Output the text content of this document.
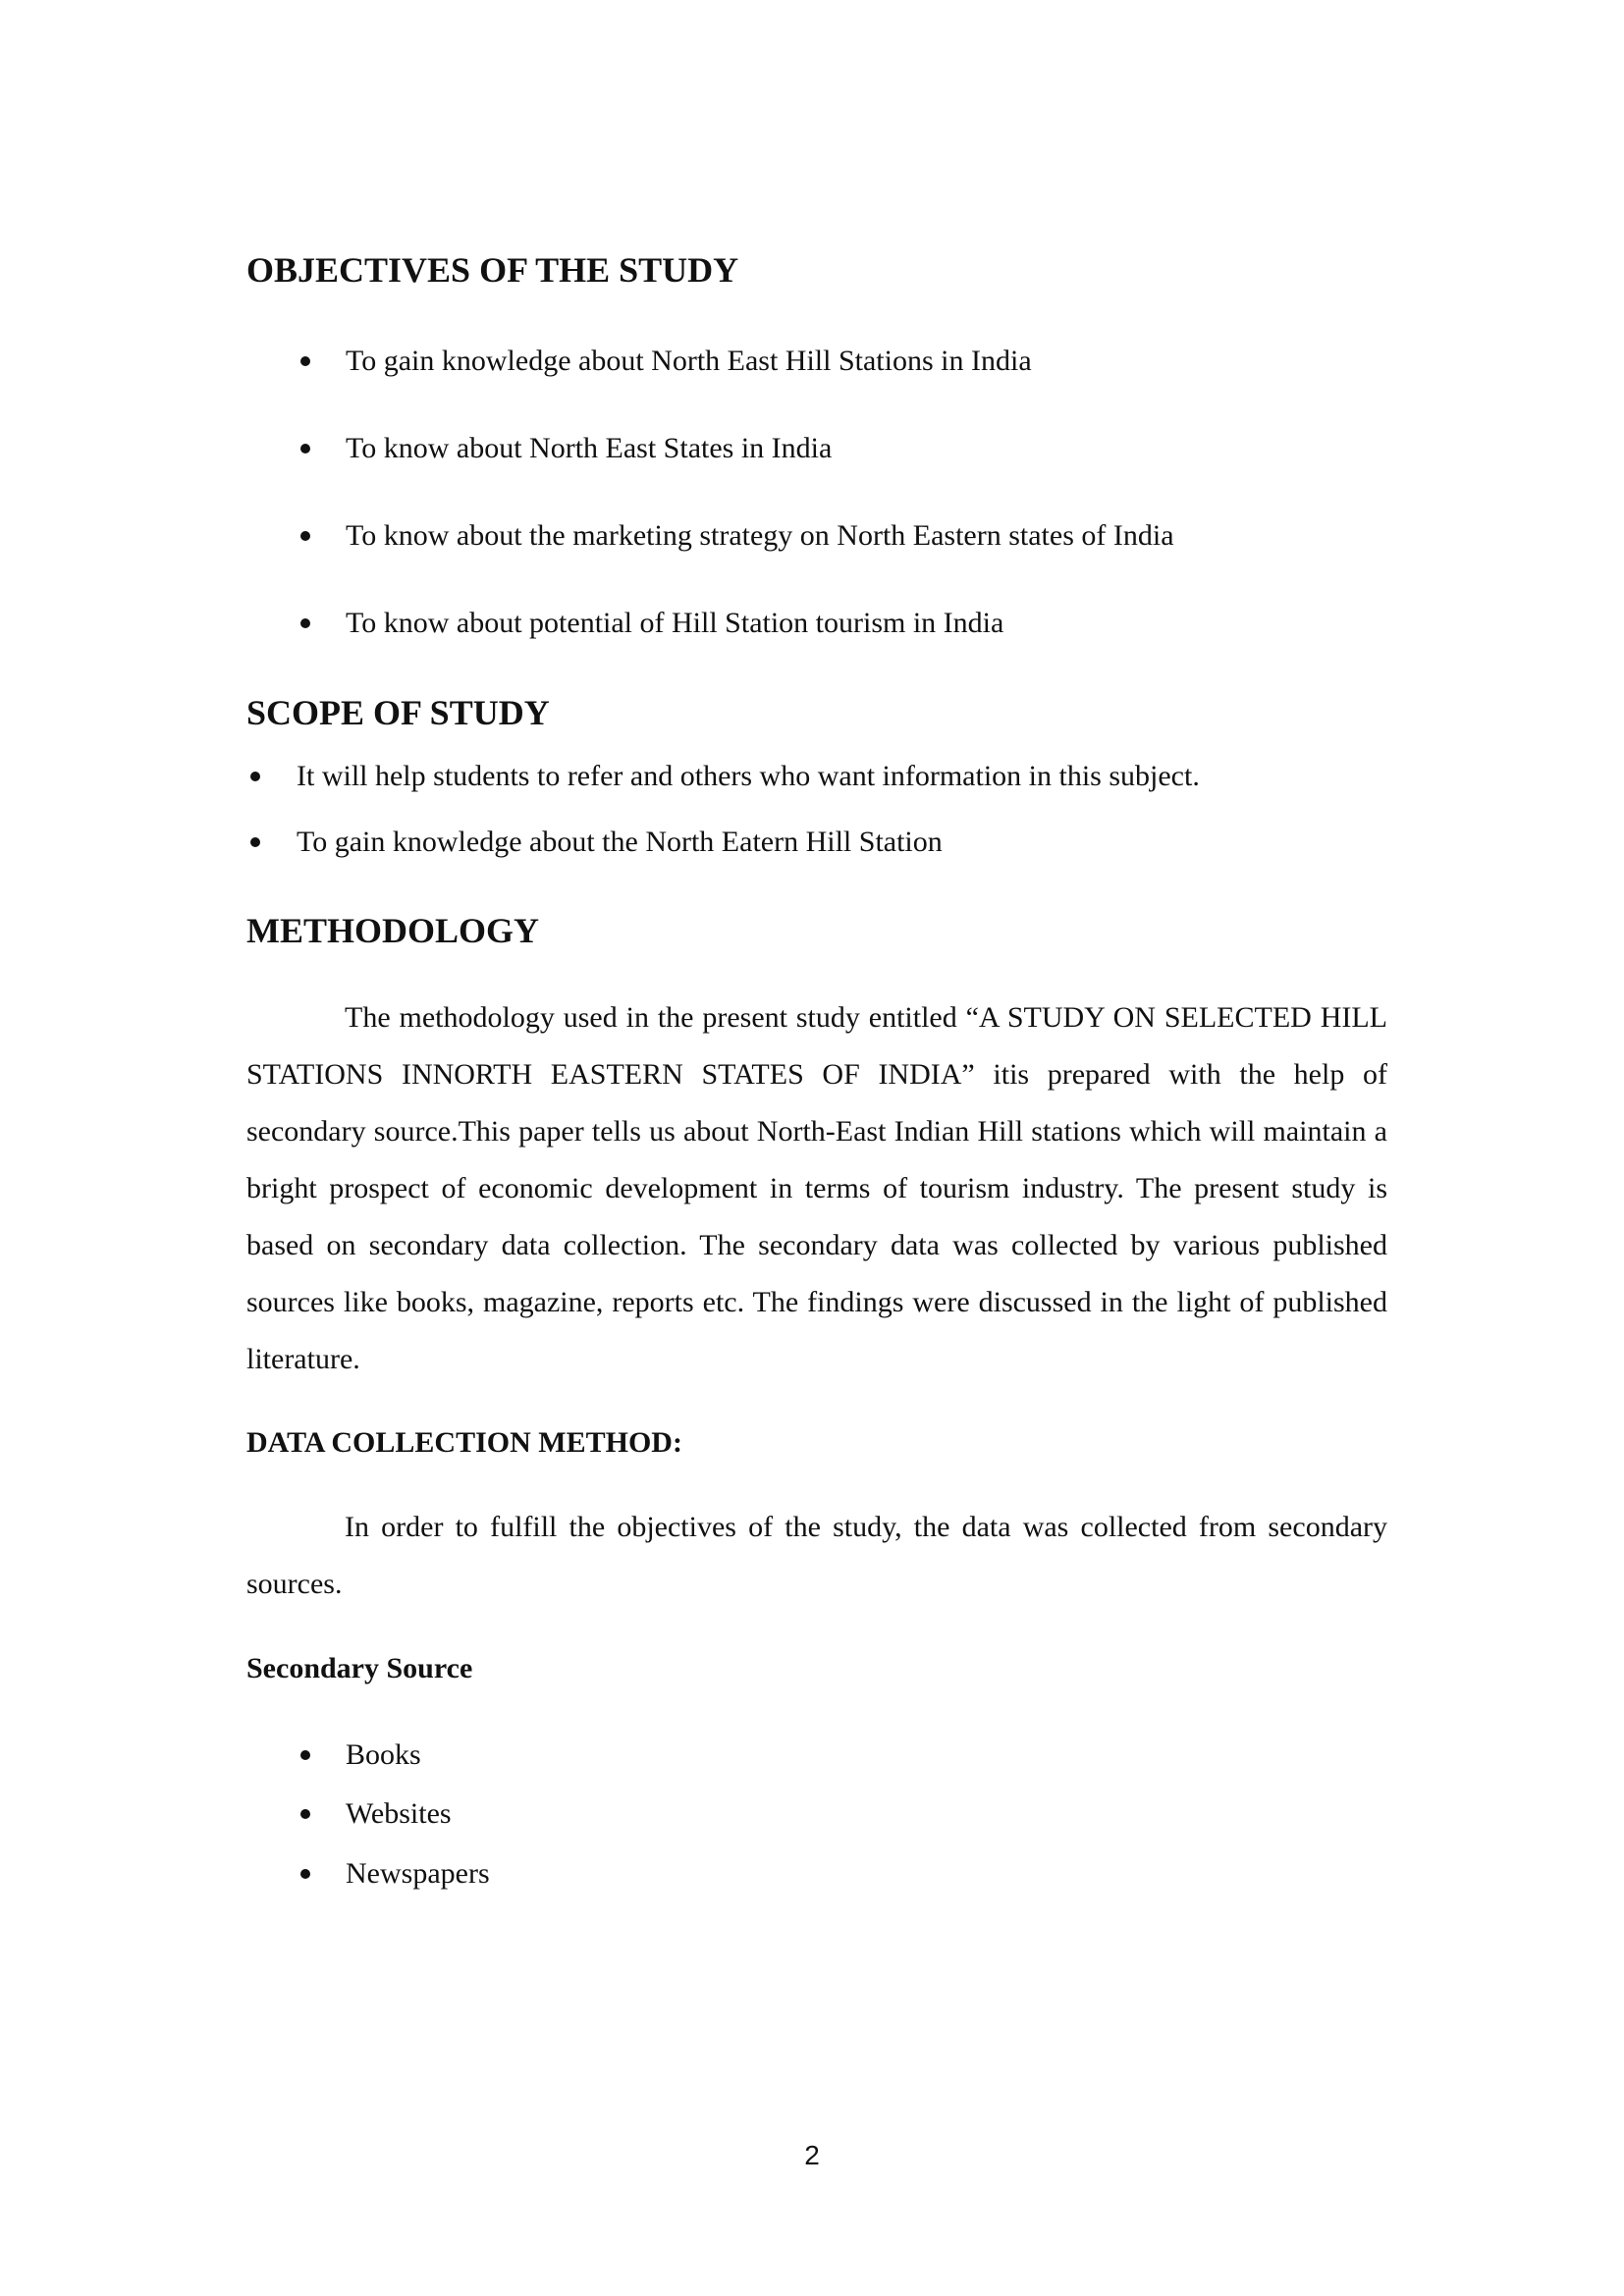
OBJECTIVES OF THE STUDY
To gain knowledge about North East Hill Stations in India
To know about North East States in India
To know about the marketing strategy on North Eastern states of India
To know about potential of Hill Station tourism in India
SCOPE OF STUDY
It will help students to refer and others who want information in this subject.
To gain knowledge about the North Eatern Hill Station
METHODOLOGY

The methodology used in the present study entitled “A STUDY ON SELECTED HILL STATIONS INNORTH EASTERN STATES OF INDIA” itis prepared with the help of secondary source.This paper tells us about North-East Indian Hill stations which will maintain a bright prospect of economic development in terms of tourism industry. The present study is based on secondary data collection. The secondary data was collected by various published sources like books, magazine, reports etc. The findings were discussed in the light of published literature.

DATA COLLECTION METHOD:

In order to fulfill the objectives of the study, the data was collected from secondary sources.

Secondary Source
Books
Websites
Newspapers
2
